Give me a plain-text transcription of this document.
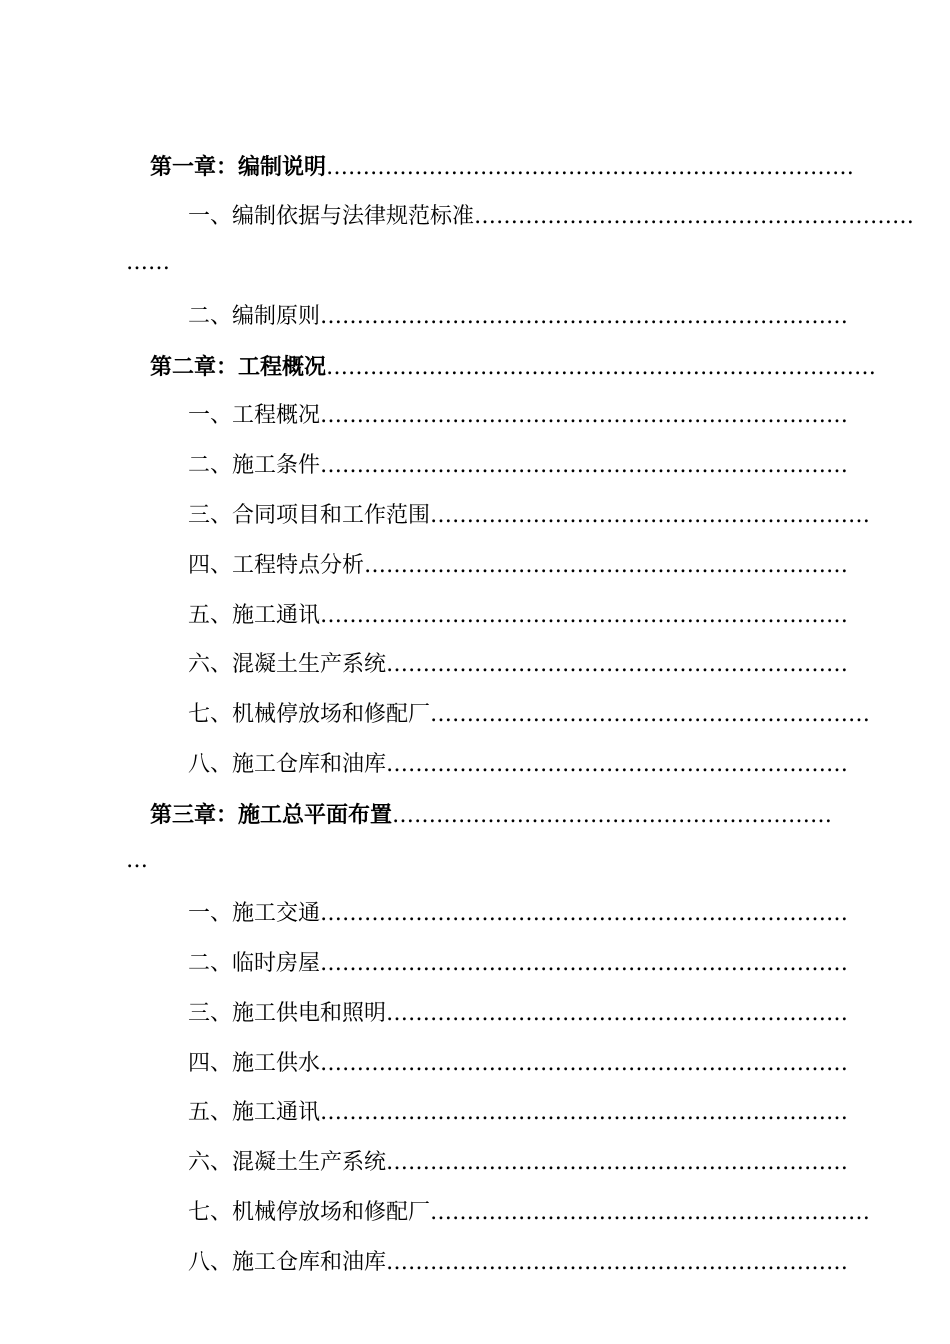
第一章：编制说明………………………………………………………………
一、编制依据与法律规范标准……………………………………………………
……
二、编制原则………………………………………………………………
第二章：工程概况…………………………………………………………………
一、工程概况………………………………………………………………
二、施工条件………………………………………………………………
三、合同项目和工作范围……………………………………………………
四、工程特点分析…………………………………………………………
五、施工通讯………………………………………………………………
六、混凝土生产系统………………………………………………………
七、机械停放场和修配厂……………………………………………………
八、施工仓库和油库………………………………………………………
第三章：施工总平面布置……………………………………………………
…
一、施工交通………………………………………………………………
二、临时房屋………………………………………………………………
三、施工供电和照明………………………………………………………
四、施工供水………………………………………………………………
五、施工通讯………………………………………………………………
六、混凝土生产系统………………………………………………………
七、机械停放场和修配厂……………………………………………………
八、施工仓库和油库………………………………………………………
